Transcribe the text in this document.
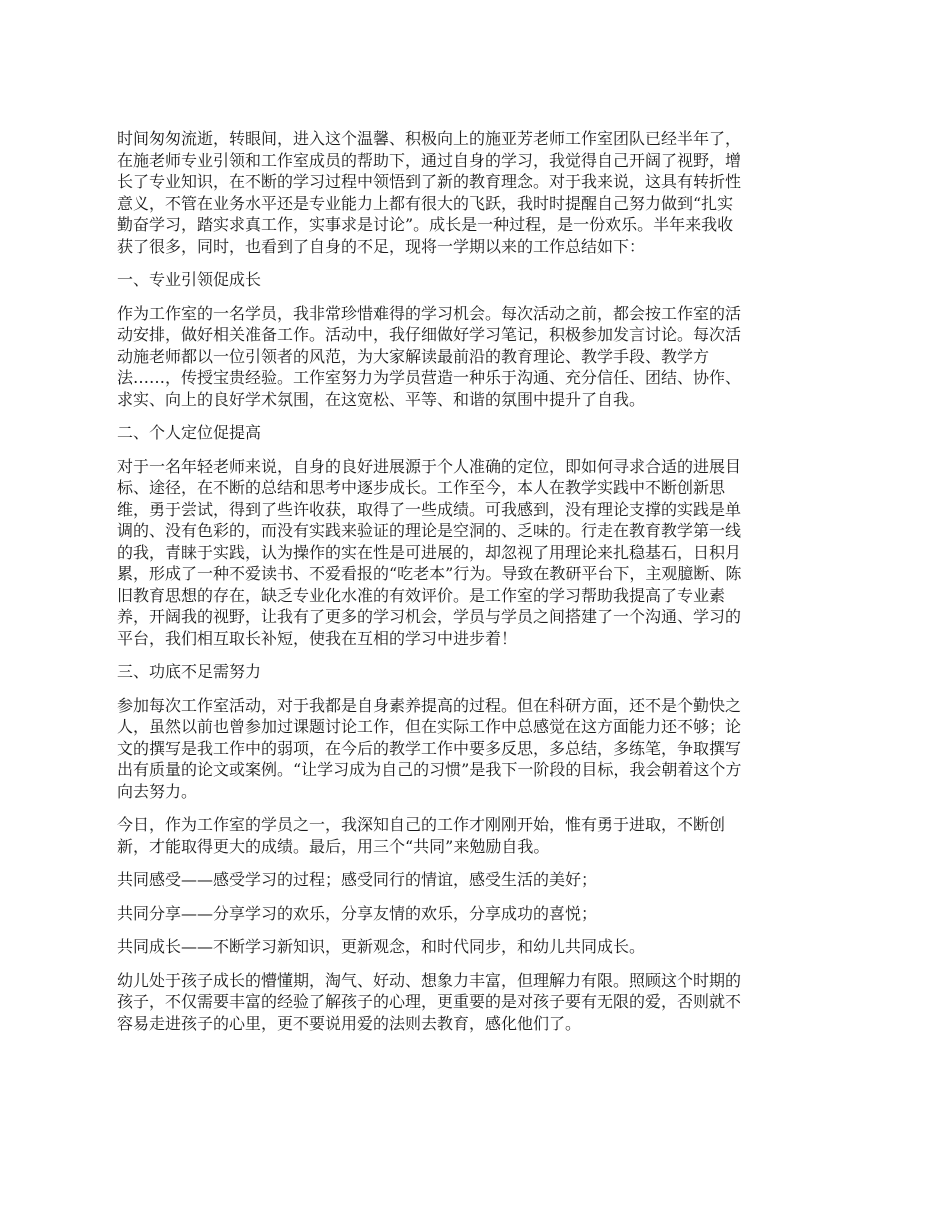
时间匆匆流逝，转眼间，进入这个温馨、积极向上的施亚芳老师工作室团队已经半年了，
在施老师专业引领和工作室成员的帮助下，通过自身的学习，我觉得自己开阔了视野，增
长了专业知识，在不断的学习过程中领悟到了新的教育理念。对于我来说，这具有转折性
意义，不管在业务水平还是专业能力上都有很大的飞跃，我时时提醒自己努力做到“扎实
勤奋学习，踏实求真工作，实事求是讨论”。成长是一种过程，是一份欢乐。半年来我收
获了很多，同时，也看到了自身的不足，现将一学期以来的工作总结如下：

一、专业引领促成长

作为工作室的一名学员，我非常珍惜难得的学习机会。每次活动之前，都会按工作室的活
动安排，做好相关准备工作。活动中，我仔细做好学习笔记，积极参加发言讨论。每次活
动施老师都以一位引领者的风范，为大家解读最前沿的教育理论、教学手段、教学方
法……，传授宝贵经验。工作室努力为学员营造一种乐于沟通、充分信任、团结、协作、
求实、向上的良好学术氛围，在这宽松、平等、和谐的氛围中提升了自我。

二、个人定位促提高

对于一名年轻老师来说，自身的良好进展源于个人准确的定位，即如何寻求合适的进展目
标、途径，在不断的总结和思考中逐步成长。工作至今，本人在教学实践中不断创新思
维，勇于尝试，得到了些许收获，取得了一些成绩。可我感到，没有理论支撑的实践是单
调的、没有色彩的，而没有实践来验证的理论是空洞的、乏味的。行走在教育教学第一线
的我，青睐于实践，认为操作的实在性是可进展的，却忽视了用理论来扎稳基石，日积月
累，形成了一种不爱读书、不爱看报的“吃老本”行为。导致在教研平台下，主观臆断、陈
旧教育思想的存在，缺乏专业化水准的有效评价。是工作室的学习帮助我提高了专业素
养，开阔我的视野，让我有了更多的学习机会，学员与学员之间搭建了一个沟通、学习的
平台，我们相互取长补短，使我在互相的学习中进步着！

三、功底不足需努力

参加每次工作室活动，对于我都是自身素养提高的过程。但在科研方面，还不是个勤快之
人，虽然以前也曾参加过课题讨论工作，但在实际工作中总感觉在这方面能力还不够；论
文的撰写是我工作中的弱项，在今后的教学工作中要多反思，多总结，多练笔，争取撰写
出有质量的论文或案例。“让学习成为自己的习惯”是我下一阶段的目标，我会朝着这个方
向去努力。

今日，作为工作室的学员之一，我深知自己的工作才刚刚开始，惟有勇于进取，不断创
新，才能取得更大的成绩。最后，用三个“共同”来勉励自我。

共同感受——感受学习的过程；感受同行的情谊，感受生活的美好；

共同分享——分享学习的欢乐，分享友情的欢乐，分享成功的喜悦；

共同成长——不断学习新知识，更新观念，和时代同步，和幼儿共同成长。

幼儿处于孩子成长的懵懂期，淘气、好动、想象力丰富，但理解力有限。照顾这个时期的
孩子，不仅需要丰富的经验了解孩子的心理，更重要的是对孩子要有无限的爱，否则就不
容易走进孩子的心里，更不要说用爱的法则去教育，感化他们了。
